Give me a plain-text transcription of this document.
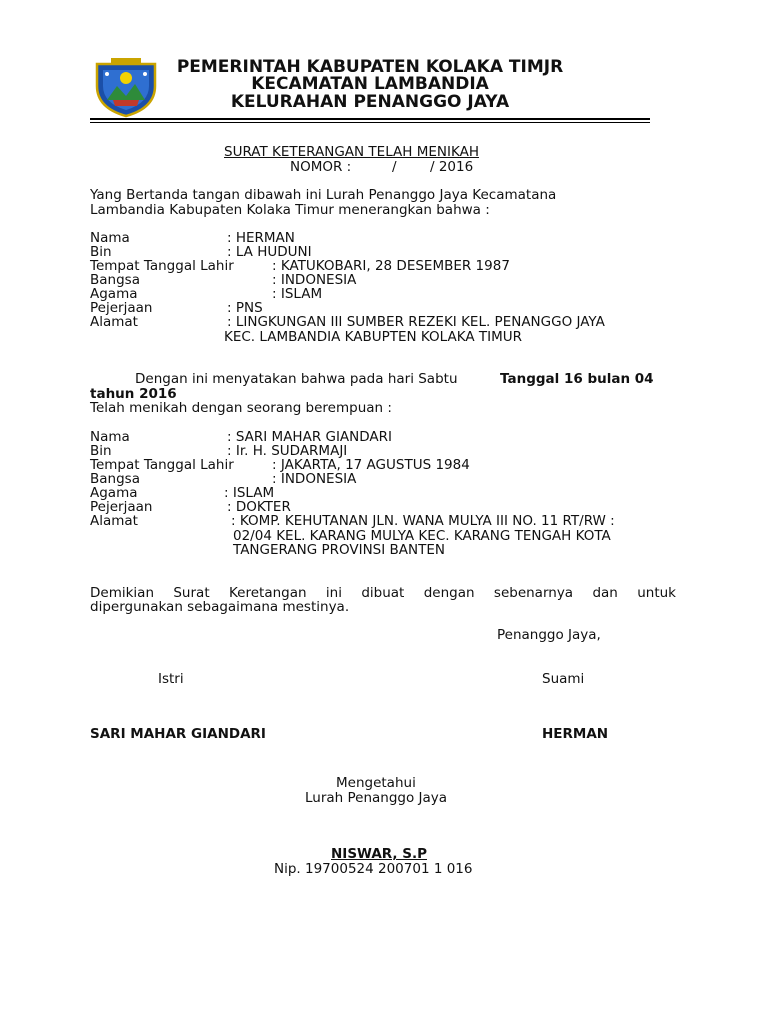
PEMERINTAH KABUPATEN KOLAKA TIMJR
KECAMATAN LAMBANDIA
KELURAHAN PENANGGO JAYA
SURAT KETERANGAN TELAH MENIKAH
NOMOR :	/ / 2016
Yang Bertanda tangan dibawah ini Lurah Penanggo Jaya Kecamatana
Lambandia Kabupaten Kolaka Timur menerangkan bahwa :
Nama	: HERMAN
Bin	: LA HUDUNI
Tempat Tanggal Lahir	: KATUKOBARI, 28 DESEMBER 1987
Bangsa	: INDONESIA
Agama	: ISLAM
Pejerjaan	: PNS
Alamat	: LINGKUNGAN III SUMBER REZEKI KEL. PENANGGO JAYA
KEC. LAMBANDIA KABUPTEN KOLAKA TIMUR
Dengan ini menyatakan bahwa pada hari Sabtu	Tanggal 16 bulan 04
tahun 2016
Telah menikah dengan seorang berempuan :
Nama	: SARI MAHAR GIANDARI
Bin	: Ir. H. SUDARMAJI
Tempat Tanggal Lahir	: JAKARTA, 17 AGUSTUS 1984
Bangsa	: INDONESIA
Agama	: ISLAM
Pejerjaan	: DOKTER
Alamat	: KOMP. KEHUTANAN JLN. WANA MULYA III NO. 11 RT/RW :
02/04 KEL. KARANG MULYA KEC. KARANG TENGAH KOTA
TANGERANG PROVINSI BANTEN
Demikian Surat Keretangan ini dibuat dengan sebenarnya dan untuk
dipergunakan sebagaimana mestinya.
Penanggo Jaya,
Istri	Suami
SARI MAHAR GIANDARI	HERMAN
Mengetahui
Lurah Penanggo Jaya
NISWAR, S.P
Nip. 19700524 200701 1 016
